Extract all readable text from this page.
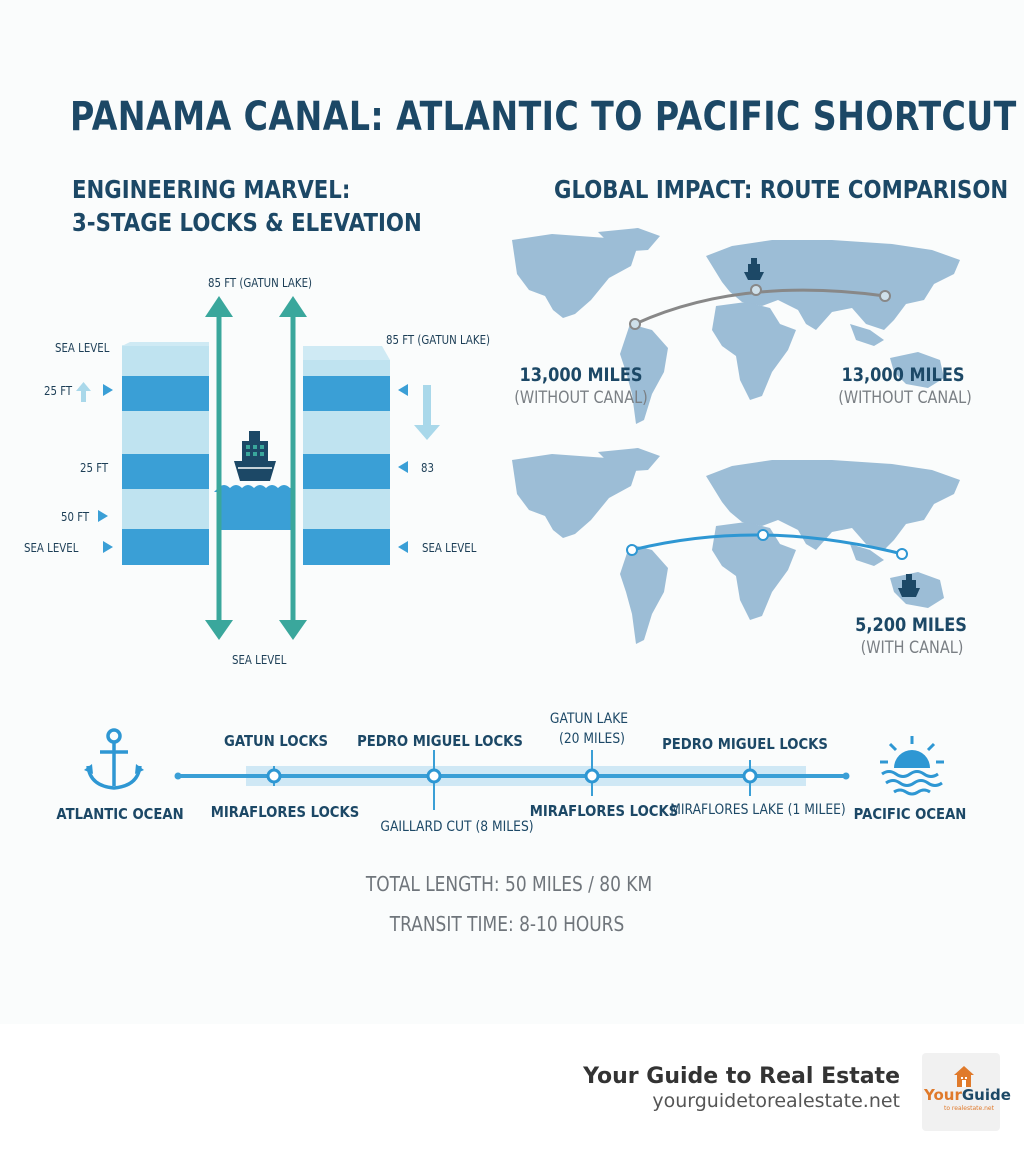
PANAMA CANAL: ATLANTIC TO PACIFIC SHORTCUT
ENGINEERING MARVEL:
3-STAGE LOCKS & ELEVATION
85 FT (GATUN LAKE)
85 FT (GATUN LAKE)
SEA LEVEL
25 FT
25 FT
50 FT
SEA LEVEL
83
SEA LEVEL
SEA LEVEL
GLOBAL IMPACT: ROUTE COMPARISON
13,000 MILES
(WITHOUT CANAL)
13,000 MILES
(WITHOUT CANAL)
5,200 MILES
(WITH CANAL)
ATLANTIC OCEAN	PACIFIC OCEAN
GATUN LOCKS PEDRO MIGUEL LOCKS
GATUN LAKE
(20 MILES) PEDRO MIGUEL LOCKS
MIRAFLORES LOCKS
GAILLARD CUT (8 MILES)
MIRAFLORES LOCKS
MIRAFLORES LAKE (1 MILEE)
TOTAL LENGTH: 50 MILES / 80 KM
TRANSIT TIME: 8-10 HOURS
Your Guide to Real Estate
yourguidetorealestate.net YourGuide
to realestate.net
